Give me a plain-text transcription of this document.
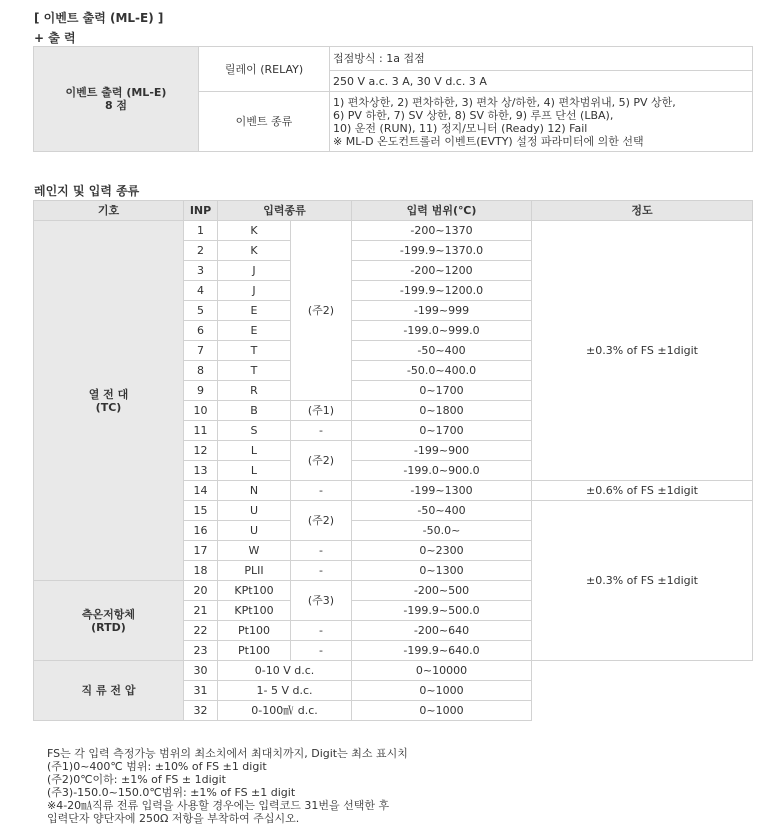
[ 이벤트 출력 (ML-E) ]
+ 출 력
이벤트 출력 (ML-E)
8 점	릴레이 (RELAY)	접점방식 : 1a 접점
		250 V a.c. 3 A, 30 V d.c. 3 A
	이벤트 종류	1) 편차상한, 2) 편차하한, 3) 편차 상/하한, 4) 편차범위내, 5) PV 상한,
6) PV 하한, 7) SV 상한, 8) SV 하한, 9) 루프 단선 (LBA),
10) 운전 (RUN), 11) 정지/모니터 (Ready) 12) Fail
※ ML-D 온도컨트롤러 이벤트(EVTY) 설정 파라미터에 의한 선택
레인지 및 입력 종류
기호	INP	입력종류		입력 범위(℃)	정도

열 전 대
(TC)	1	K	(주2)	-200~1370	±0.3% of FS ±1digit
	2	K		-199.9~1370.0	
	3	J		-200~1200	
	4	J		-199.9~1200.0	
	5	E		-199~999	
	6	E		-199.0~999.0	
	7	T		-50~400	
	8	T		-50.0~400.0	
	9	R		0~1700	
	10	B	(주1)	0~1800	
	11	S	-	0~1700	
	12	L	(주2)	-199~900	
	13	L		-199.0~900.0	
	14	N	-	-199~1300	±0.6% of FS ±1digit
	15	U	(주2)	-50~400	±0.3% of FS ±1digit
	16	U		-50.0~	
	17	W	-	0~2300	
	18	PLII	-	0~1300	

측온저항체
(RTD)	20	KPt100	(주3)	-200~500	
	21	KPt100		-199.9~500.0	
	22	Pt100	-	-200~640	
	23	Pt100	-	-199.9~640.0	

직 류 전 압	30	0-10 V d.c.		0~10000	
	31	1- 5 V d.c.		0~1000	
	32	0-100㎷ d.c.		0~1000	
FS는 각 입력 측정가능 범위의 최소치에서 최대치까지, Digit는 최소 표시치
(주1)0~400℃ 범위: ±10% of FS ±1 digit
(주2)0℃이하: ±1% of FS ± 1digit
(주3)-150.0~150.0℃범위: ±1% of FS ±1 digit
※4-20㎃직류 전류 입력을 사용할 경우에는 입력코드 31번을 선택한 후
입력단자 양단자에 250Ω 저항을 부착하여 주십시오.
